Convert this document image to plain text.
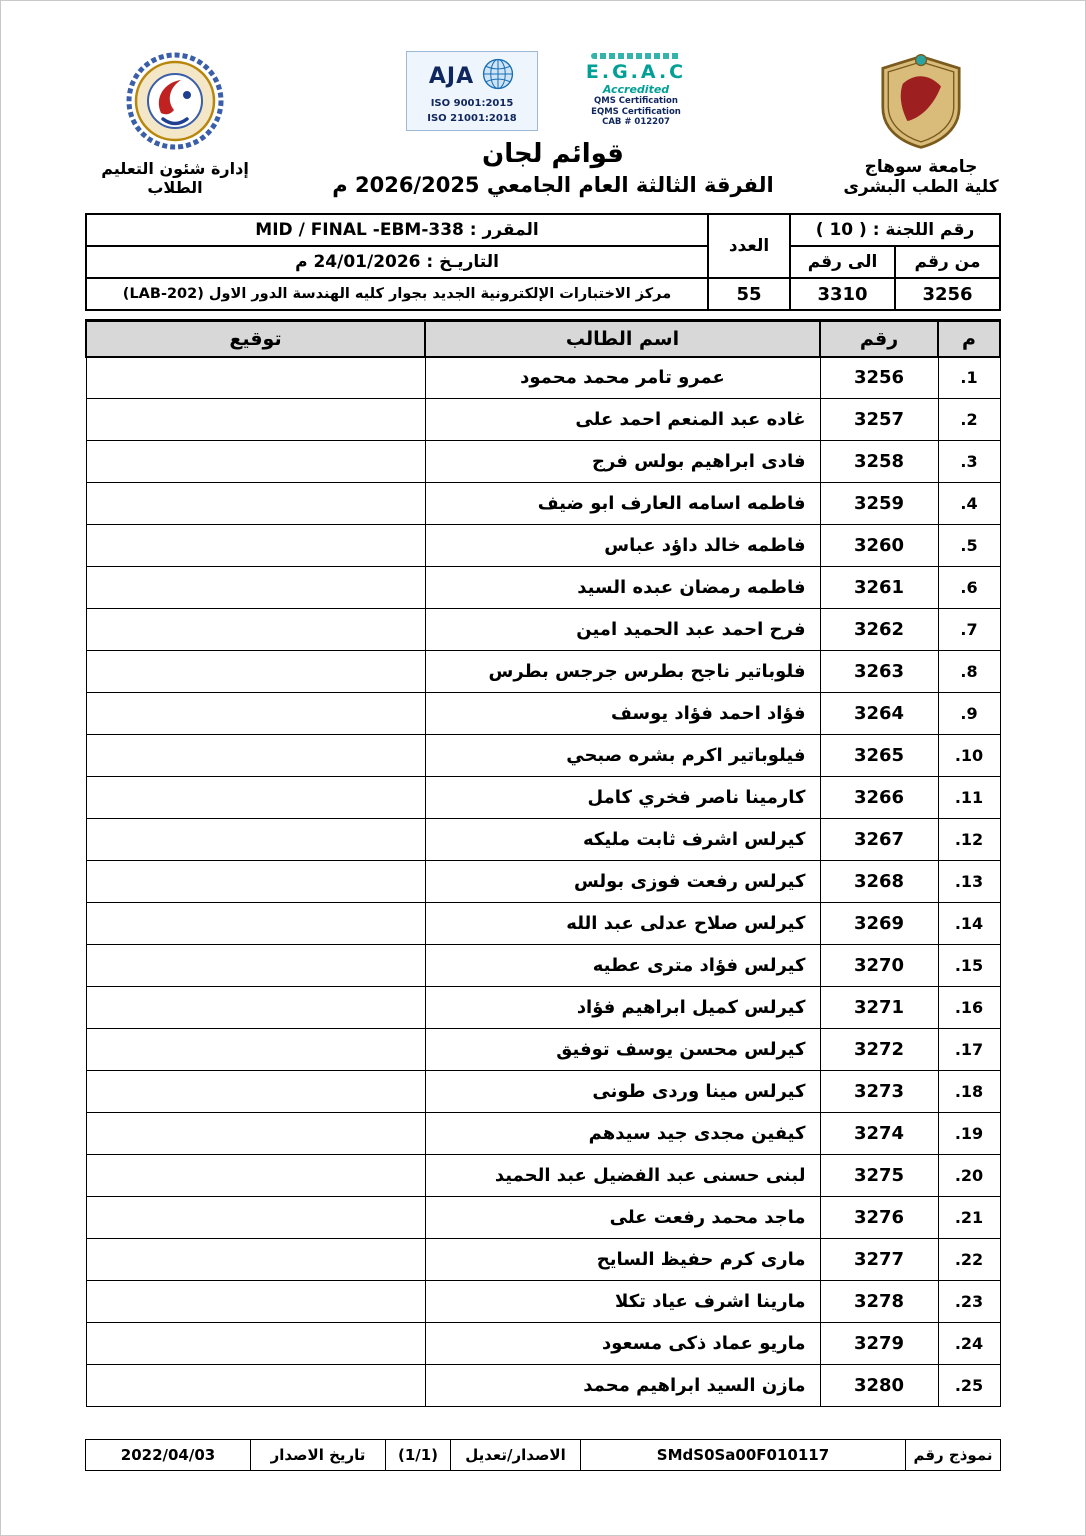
جامعة سوهاج
كلية الطب البشرى
E.G.A.C
Accredited
QMS Certification
EQMS Certification
CAB # 012207
AJA
ISO 9001:2015
ISO 21001:2018
قوائم لجان
الفرقة الثالثة العام الجامعي 2026/2025 م
إدارة شئون التعليم الطلاب
رقم اللجنة : ( 10 )		العدد	المقرر : MID / FINAL -EBM-338
من رقم	الى رقم		التاريـخ : 24/01/2026 م
3256	3310	55	مركز الاختبارات الإلكترونية الجديد بجوار كليه الهندسة الدور الاول (LAB-202)
م	رقم	اسم الطالب	توقيع
1.	3256	عمرو تامر محمد محمود	
2.	3257	غاده عبد المنعم احمد على	
3.	3258	فادى ابراهيم بولس فرج	
4.	3259	فاطمه اسامه العارف ابو ضيف	
5.	3260	فاطمه خالد داؤد عباس	
6.	3261	فاطمه رمضان عبده السيد	
7.	3262	فرح احمد عبد الحميد امين	
8.	3263	فلوباتير ناجح بطرس جرجس بطرس	
9.	3264	فؤاد احمد فؤاد يوسف	
10.	3265	فيلوباتير اكرم بشره صبحي	
11.	3266	كارمينا ناصر فخري كامل	
12.	3267	كيرلس اشرف ثابت مليكه	
13.	3268	كيرلس رفعت فوزى بولس	
14.	3269	كيرلس صلاح عدلى عبد الله	
15.	3270	كيرلس فؤاد مترى عطيه	
16.	3271	كيرلس كميل ابراهيم فؤاد	
17.	3272	كيرلس محسن يوسف توفيق	
18.	3273	كيرلس مينا وردى طونى	
19.	3274	كيفين مجدى جيد سيدهم	
20.	3275	لبنى حسنى عبد الفضيل عبد الحميد	
21.	3276	ماجد محمد رفعت على	
22.	3277	مارى كرم حفيظ السايح	
23.	3278	مارينا اشرف عياد تكلا	
24.	3279	ماريو عماد ذكى مسعود	
25.	3280	مازن السيد ابراهيم محمد	
نموذج رقم	SMdS0Sa00F010117	الاصدار/تعديل	(1/1)	تاريخ الاصدار	2022/04/03
